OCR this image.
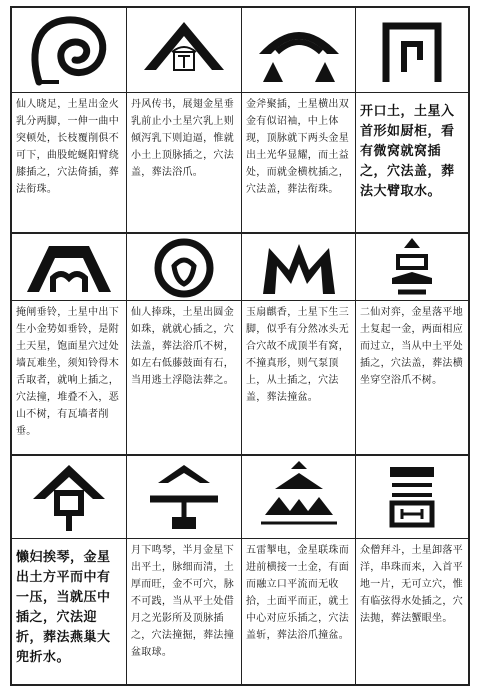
仙人晓足，土星出金火乳分两脚，一伸一曲中突顿处，长枝覆削俱不可下，曲股蛇蜒阳臂绕膝插之，穴法倚插，葬法衔珠。
丹风传书，展翅金星垂乳前止小土星穴乳上则倾泻乳下则迫逼，惟就小土上顶脉插之，穴法盖，葬法浴爪。
金斧聚插，土星横出双金有似诏袖，中上体现，顶脉就下两头金星出土光华显耀，而土益处，而就金横枕插之，穴法盖，葬法衔珠。
开口土，土星入首形如厨柜，看有微窝就窝插之，穴法盖，葬法大臂取水。
掩闸垂铃，土星中出下生小金势如垂铃，是附土天星，饱面星穴过处墙瓦难坐，须知铃得木舌取者，就响上插之，穴法撞，堆叠不入，恶山不树，有瓦墙者削垂。
仙人捧珠，土星出圆金如珠，就就心插之，穴法盖，葬法浴爪不树，如左右低藤鼓面有石，当用逃土浮隐法葬之。
玉扇麒香，土星下生三脚，似乎有分然冰头无合穴故不成顶半有窝，不撞真形，则气泵顶上，从土插之，穴法盖，葬法撞盆。
二仙对弈，金星落平地土复起一金，两面相应而过立，当从中土平处插之，穴法盖，葬法横坐穿空浴爪不树。
懒妇挨琴，金星出土方平而中有一压，当就压中插之，穴法迎折，葬法燕巢大兜折水。
月下鸣琴，半月金星下出平土，脉细而清，土厚而旺，金不可穴，脉不可践，当从平土处借月之光影所及顶脉插之，穴法撞掘，葬法撞盆取球。
五雷掣电，金星联珠而进前横接一土金，有面而融立口平流而无收拾，土面平而正，就土中心对应乐插之，穴法盖斩，葬法浴爪撞盆。
众僧拜斗，土星卸落平洋，串珠而来，入首平地一片，无可立穴，惟有临弦得水处插之，穴法抛，葬法蟹眼坐。
